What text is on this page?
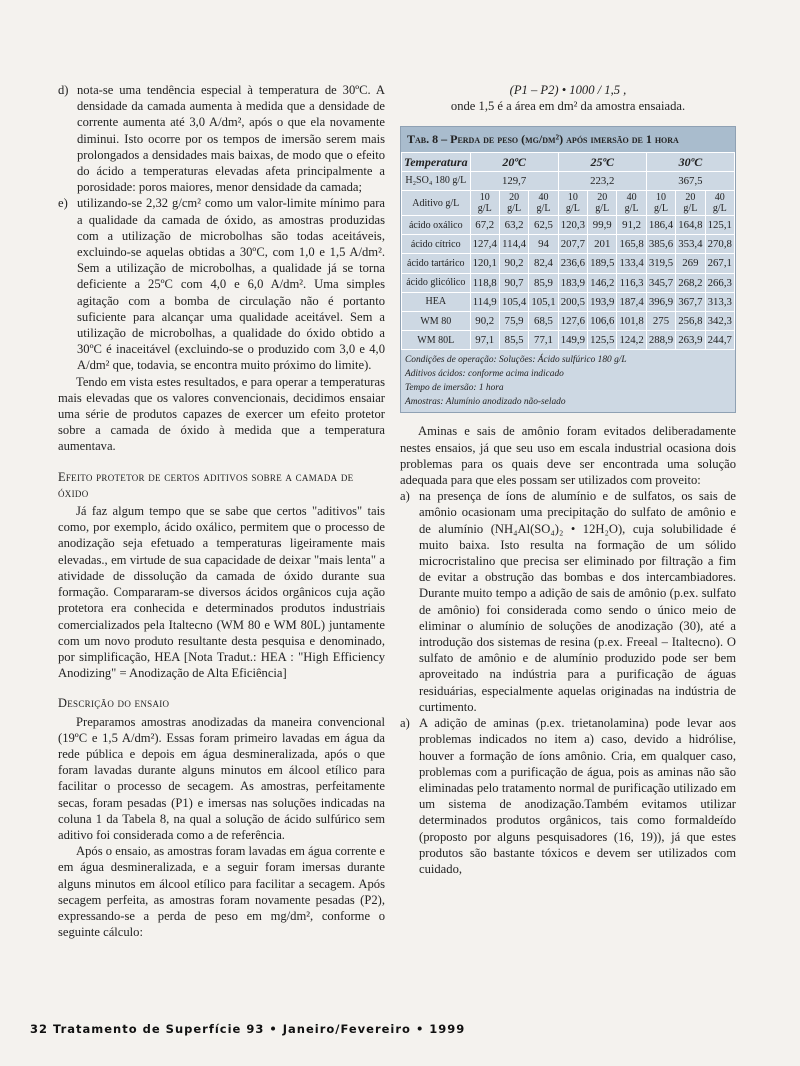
d) nota-se uma tendência especial à temperatura de 30ºC. A densidade da camada aumenta à medida que a densidade de corrente aumenta até 3,0 A/dm², após o que ela novamente diminui. Isto ocorre por os tempos de imersão serem mais prolongados a densidades mais baixas, de modo que o efeito do ácido a temperaturas elevadas afeta principalmente a porosidade: poros maiores, menor densidade da camada;
e) utilizando-se 2,32 g/cm² como um valor-limite mínimo para a qualidade da camada de óxido, as amostras produzidas com a utilização de microbolhas são todas aceitáveis, excluindo-se aquelas obtidas a 30ºC, com 1,0 e 1,5 A/dm². Sem a utilização de microbolhas, a qualidade já se torna deficiente a 25ºC com 4,0 e 6,0 A/dm². Uma simples agitação com a bomba de circulação não é portanto suficiente para alcançar uma qualidade aceitável. Sem a utilização de microbolhas, a qualidade do óxido obtido a 30ºC é inaceitável (excluindo-se o produzido com 3,0 e 4,0 A/dm² que, todavia, se encontra muito próximo do limite).

Tendo em vista estes resultados, e para operar a temperaturas mais elevadas que os valores convencionais, decidimos ensaiar uma série de produtos capazes de exercer um efeito protetor sobre a camada de óxido à medida que a temperatura aumentava.

Efeito protetor de certos aditivos sobre a camada de óxido

Já faz algum tempo que se sabe que certos "aditivos" tais como, por exemplo, ácido oxálico, permitem que o processo de anodização seja efetuado a temperaturas ligeiramente mais elevadas., em virtude de sua capacidade de deixar "mais lenta" a atividade de dissolução da camada de óxido durante sua formação. Compararam-se diversos ácidos orgânicos cuja ação protetora era conhecida e determinados produtos industriais comercializados pela Italtecno (WM 80 e WM 80L) juntamente com um novo produto resultante desta pesquisa e denominado, por simplificação, HEA [Nota Tradut.: HEA : "High Efficiency Anodizing" = Anodização de Alta Eficiência]

Descrição do ensaio

Preparamos amostras anodizadas da maneira convencional (19ºC e 1,5 A/dm²). Essas foram primeiro lavadas em água da rede pública e depois em água desmineralizada, após o que foram lavadas durante alguns minutos em álcool etílico para facilitar o processo de secagem. As amostras, perfeitamente secas, foram pesadas (P1) e imersas nas soluções indicadas na coluna 1 da Tabela 8, na qual a solução de ácido sulfúrico sem aditivo foi considerada como a de referência.

Após o ensaio, as amostras foram lavadas em água corrente e em água desmineralizada, e a seguir foram imersas durante alguns minutos em álcool etílico para facilitar a secagem. Após secagem perfeita, as amostras foram novamente pesadas (P2), expressando-se a perda de peso em mg/dm², conforme o seguinte cálculo:

(P1 – P2) • 1000 / 1,5 ,

onde 1,5 é a área em dm² da amostra ensaiada.

Tab. 8 – Perda de peso (mg/dm²) após imersão de 1 hora
Temperatura	20ºC			25ºC			30ºC		
H₂SO₄ 180 g/L	129,7			223,2			367,5		
Aditivo g/L	10 g/L	20 g/L	40 g/L	10 g/L	20 g/L	40 g/L	10 g/L	20 g/L	40 g/L
ácido oxálico	67,2	63,2	62,5	120,3	99,9	91,2	186,4	164,8	125,1
ácido cítrico	127,4	114,4	94	207,7	201	165,8	385,6	353,4	270,8
ácido tartárico	120,1	90,2	82,4	236,6	189,5	133,4	319,5	269	267,1
ácido glicólico	118,8	90,7	85,9	183,9	146,2	116,3	345,7	268,2	266,3
HEA	114,9	105,4	105,1	200,5	193,9	187,4	396,9	367,7	313,3
WM 80	90,2	75,9	68,5	127,6	106,6	101,8	275	256,8	342,3
WM 80L	97,1	85,5	77,1	149,9	125,5	124,2	288,9	263,9	244,7
Condições de operação: Soluções: Ácido sulfúrico 180 g/L
Aditivos ácidos: conforme acima indicado
Tempo de imersão: 1 hora
Amostras: Alumínio anodizado não-selado

Aminas e sais de amônio foram evitados deliberadamente nestes ensaios, já que seu uso em escala industrial ocasiona dois problemas para os quais deve ser encontrada uma solução adequada para que eles possam ser utilizados com proveito:

a) na presença de íons de alumínio e de sulfatos, os sais de amônio ocasionam uma precipitação do sulfato de amônio e de alumínio (NH₄Al(SO₄)₂ • 12H₂O), cuja solubilidade é muito baixa. Isto resulta na formação de um sólido microcristalino que precisa ser eliminado por filtração a fim de evitar a obstrução das bombas e dos intercambiadores. Durante muito tempo a adição de sais de amônio (p.ex. sulfato de amônio) foi considerada como sendo o único meio de eliminar o alumínio de soluções de anodização (30), até a introdução dos sistemas de resina (p.ex. Freeal – Italtecno). O sulfato de amônio e de alumínio produzido pode ser bem aproveitado na indústria para a purificação de águas residuárias, especialmente aquelas originadas na indústria de curtimento.
a) A adição de aminas (p.ex. trietanolamina) pode levar aos problemas indicados no item a) caso, devido a hidrólise, houver a formação de íons amônio. Cria, em qualquer caso, problemas com a purificação de água, pois as aminas não são eliminadas pelo tratamento normal de purificação utilizado em um sistema de anodização.Também evitamos utilizar determinados produtos orgânicos, tais como formaldeído (proposto por alguns pesquisadores (16, 19)), já que estes produtos são bastante tóxicos e devem ser utilizados com cuidado,
32 Tratamento de Superfície 93 • Janeiro/Fevereiro • 1999
